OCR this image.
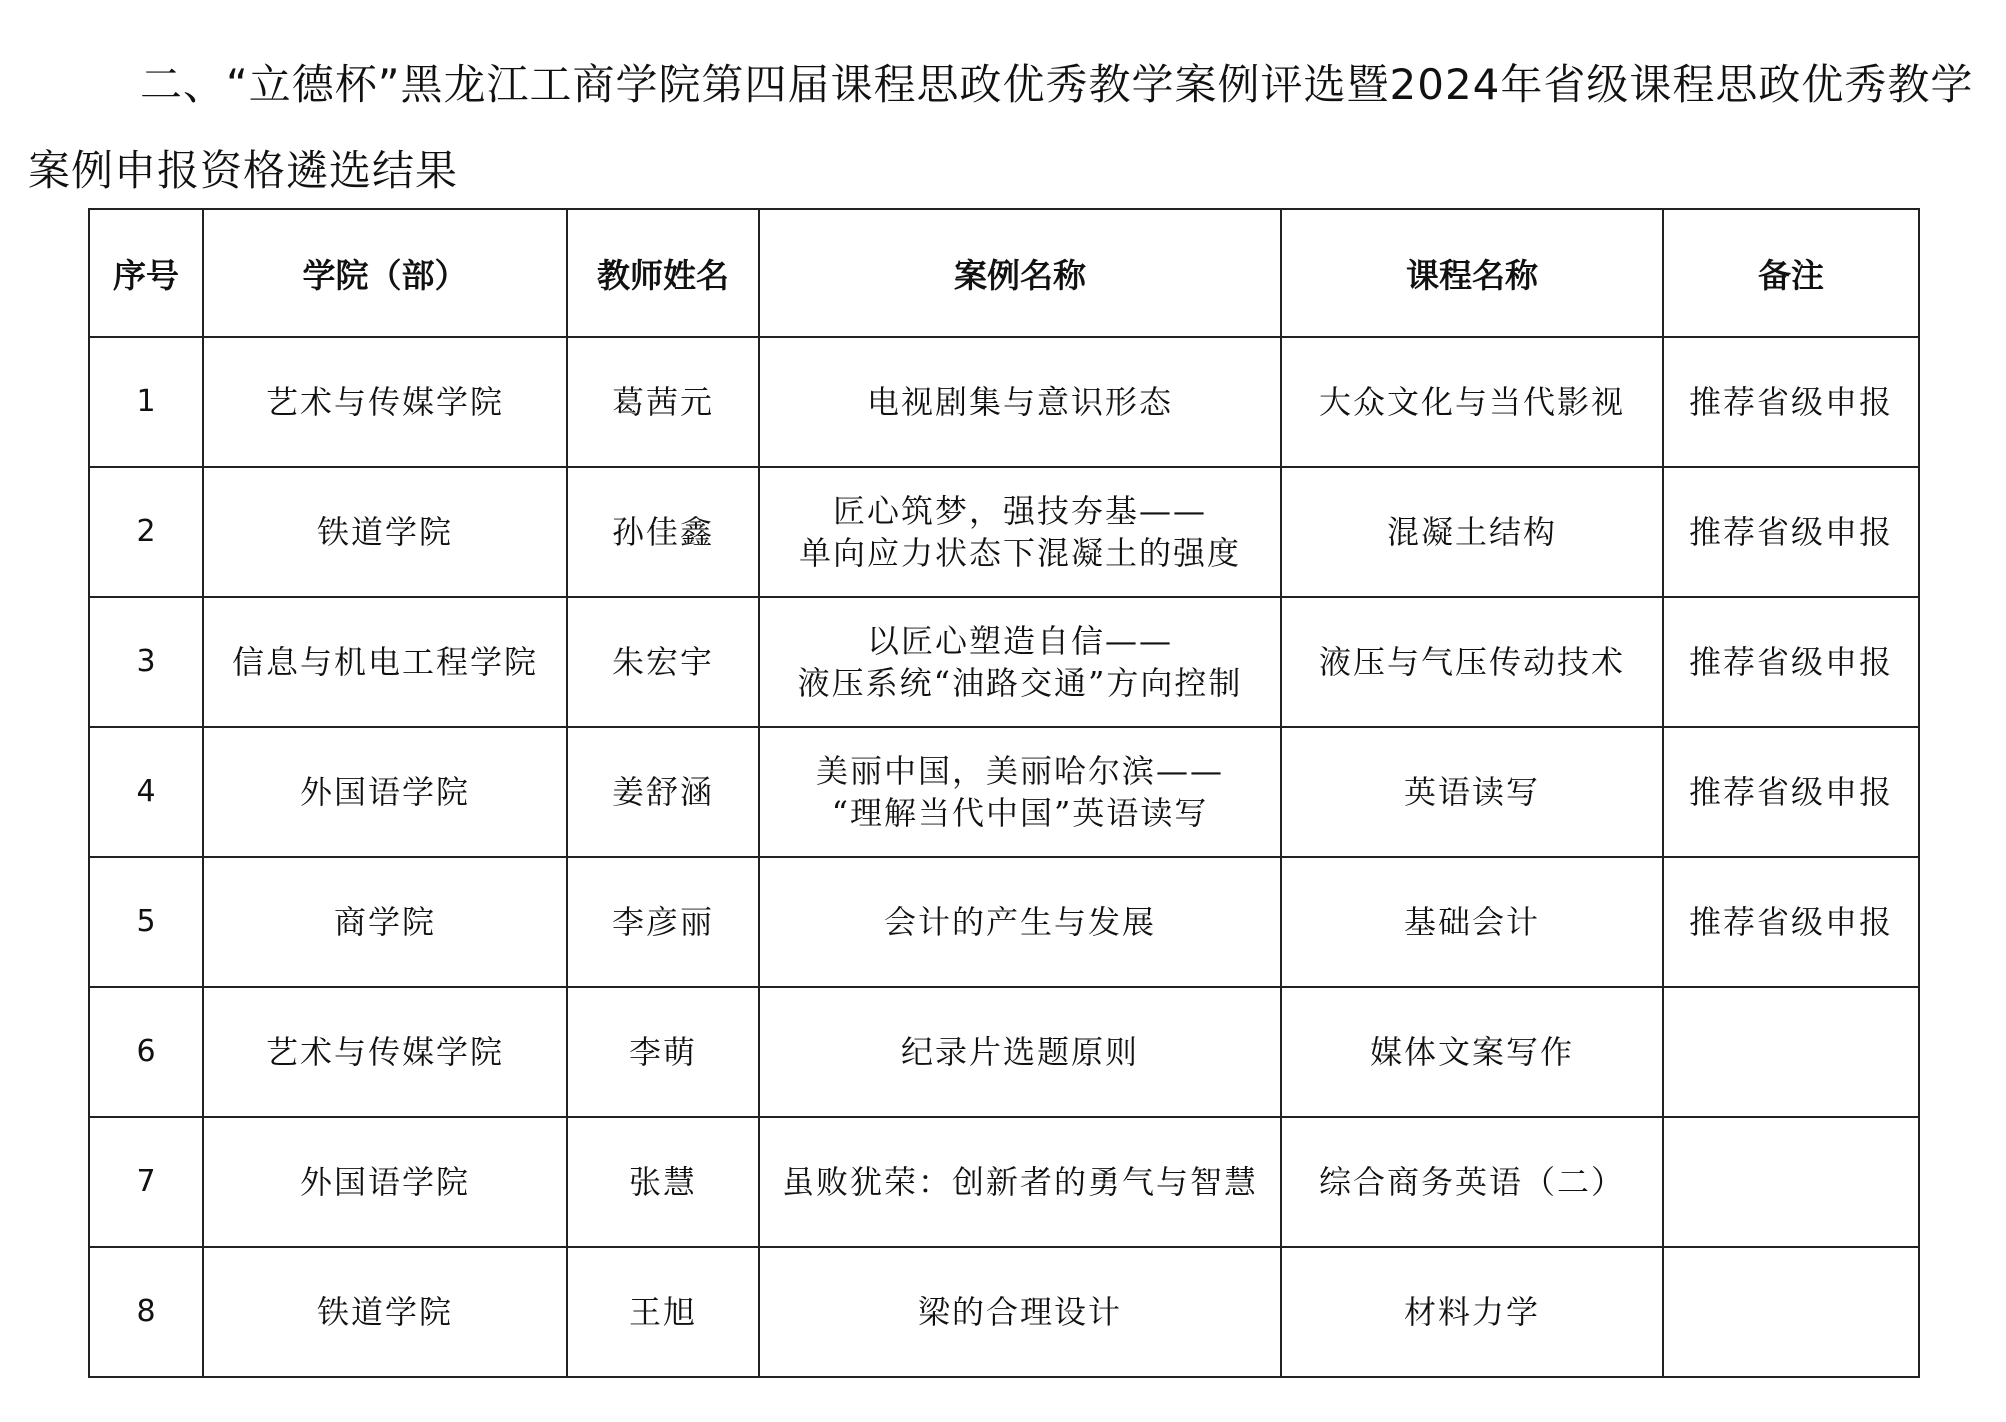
二、“立德杯”黑龙江工商学院第四届课程思政优秀教学案例评选暨2024年省级课程思政优秀教学
案例申报资格遴选结果
序号	学院（部）	教师姓名	案例名称	课程名称	备注
1	艺术与传媒学院	葛茜元	电视剧集与意识形态	大众文化与当代影视	推荐省级申报
2	铁道学院	孙佳鑫	匠心筑梦，强技夯基——
单向应力状态下混凝土的强度	混凝土结构	推荐省级申报
3	信息与机电工程学院	朱宏宇	以匠心塑造自信——
液压系统“油路交通”方向控制	液压与气压传动技术	推荐省级申报
4	外国语学院	姜舒涵	美丽中国，美丽哈尔滨——
“理解当代中国”英语读写	英语读写	推荐省级申报
5	商学院	李彦丽	会计的产生与发展	基础会计	推荐省级申报
6	艺术与传媒学院	李萌	纪录片选题原则	媒体文案写作	
7	外国语学院	张慧	虽败犹荣：创新者的勇气与智慧	综合商务英语（二）	
8	铁道学院	王旭	梁的合理设计	材料力学	
